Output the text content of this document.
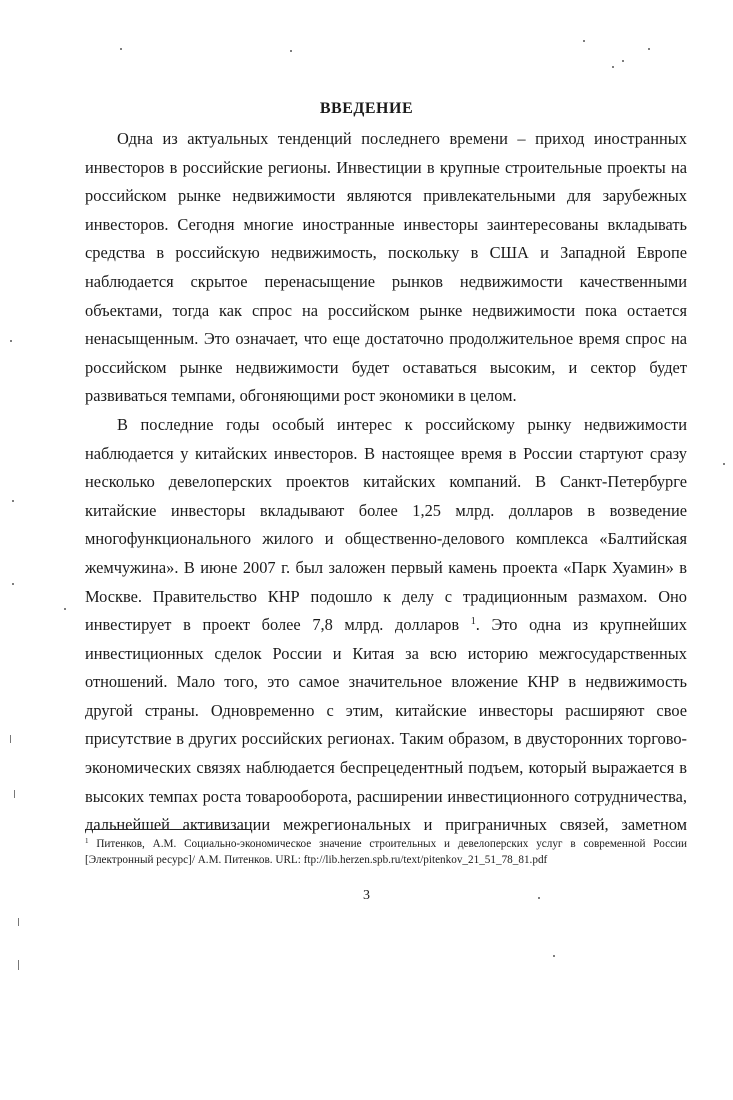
ВВЕДЕНИЕ
Одна из актуальных тенденций последнего времени – приход иностранных
инвесторов в российские регионы. Инвестиции в крупные строительные проекты на
российском рынке недвижимости являются привлекательными для зарубежных
инвесторов. Сегодня многие иностранные инвесторы заинтересованы вкладывать
средства в российскую недвижимость, поскольку в США и Западной Европе
наблюдается скрытое перенасыщение рынков недвижимости качественными
объектами, тогда как спрос на российском рынке недвижимости пока остается
ненасыщенным. Это означает, что еще достаточно продолжительное время спрос на
российском рынке недвижимости будет оставаться высоким, и сектор будет
развиваться темпами, обгоняющими рост экономики в целом.
В последние годы особый интерес к российскому рынку недвижимости
наблюдается у китайских инвесторов. В настоящее время в России стартуют сразу
несколько девелоперских проектов китайских компаний. В Санкт-Петербурге
китайские инвесторы вкладывают более 1,25 млрд. долларов в возведение
многофункционального жилого и общественно-делового комплекса «Балтийская
жемчужина». В июне 2007 г. был заложен первый камень проекта «Парк Хуамин» в
Москве. Правительство КНР подошло к делу с традиционным размахом. Оно
инвестирует в проект более 7,8 млрд. долларов $^1$. Это одна из крупнейших
инвестиционных сделок России и Китая за всю историю межгосударственных
отношений. Мало того, это самое значительное вложение КНР в недвижимость
другой страны. Одновременно с этим, китайские инвесторы расширяют свое
присутствие в других российских регионах. Таким образом, в двусторонних торгово-
экономических связях наблюдается беспрецедентный подъем, который выражается в
высоких темпах роста товарооборота, расширении инвестиционного сотрудничества,
дальнейшей активизации межрегиональных и приграничных связей, заметном
$^1$ Питенков, А.М. Социально-экономическое значение строительных и девелоперских услуг в современной России
[Электронный ресурс]/ А.М. Питенков. URL: ftp://lib.herzen.spb.ru/text/pitenkov_21_51_78_81.pdf
3
